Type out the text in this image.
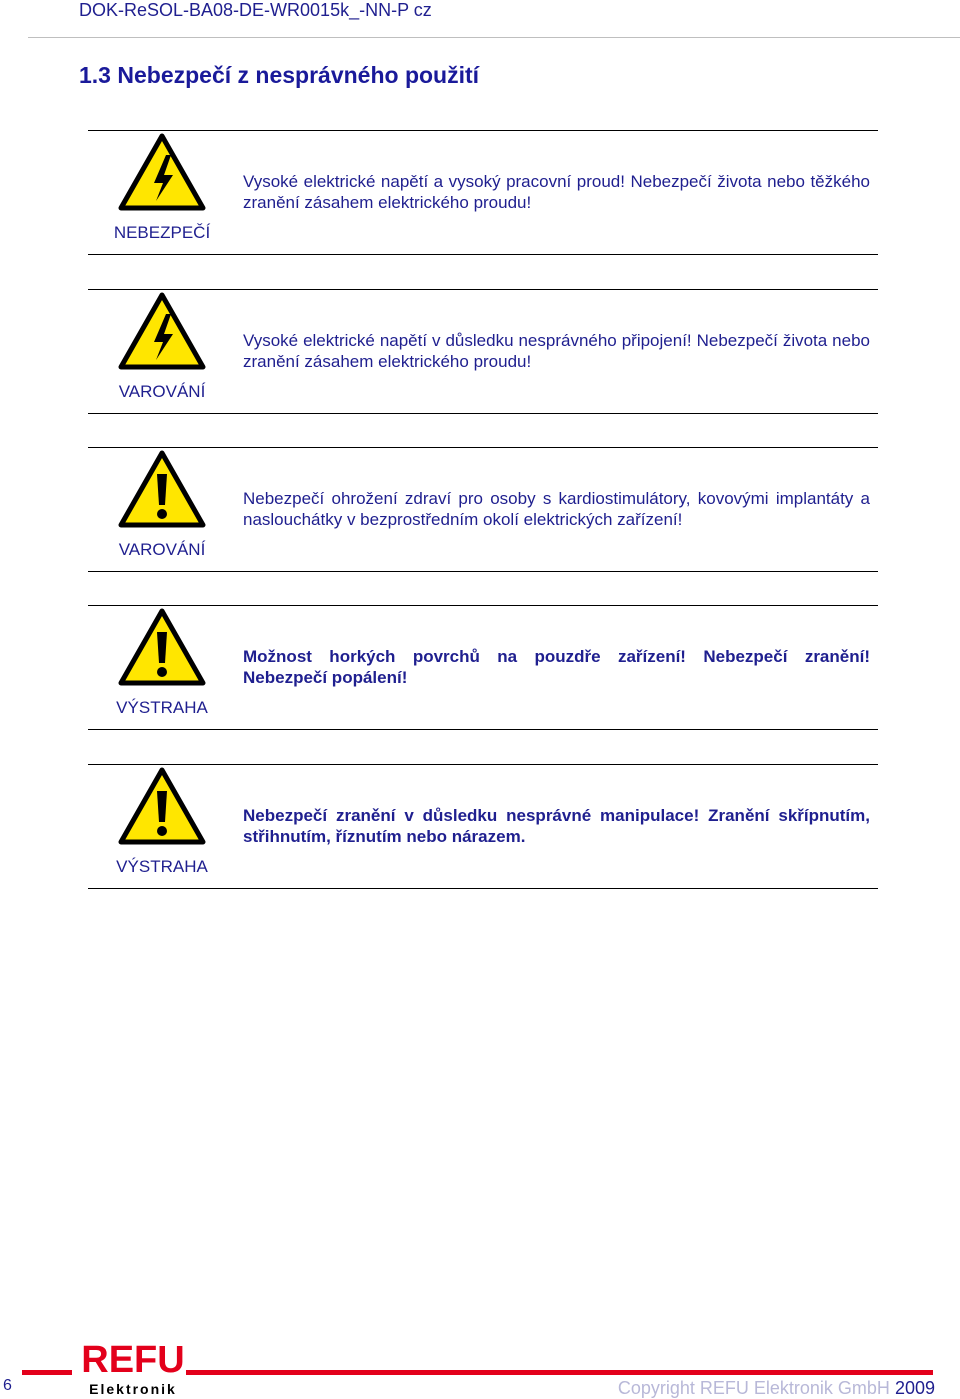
DOK-ReSOL-BA08-DE-WR0015k_-NN-P cz
1.3 Nebezpečí z nesprávného použití
NEBEZPEČÍ
Vysoké elektrické napětí a vysoký pracovní proud! Nebezpečí života nebo těžkého zranění zásahem elektrického proudu!
VAROVÁNÍ
Vysoké elektrické napětí v důsledku nesprávného připojení! Nebezpečí života nebo zranění zásahem elektrického proudu!
VAROVÁNÍ
Nebezpečí ohrožení zdraví pro osoby s kardiostimulátory, kovovými implantáty a naslouchátky v bezprostředním okolí elektrických zařízení!
VÝSTRAHA
Možnost horkých povrchů na pouzdře zařízení! Nebezpečí zranění! Nebezpečí popálení!
VÝSTRAHA
Nebezpečí zranění v důsledku nesprávné manipulace! Zranění skřípnutím, střihnutím, říznutím nebo nárazem.
6
REFU
Elektronik	Copyright REFU Elektronik GmbH 2009
